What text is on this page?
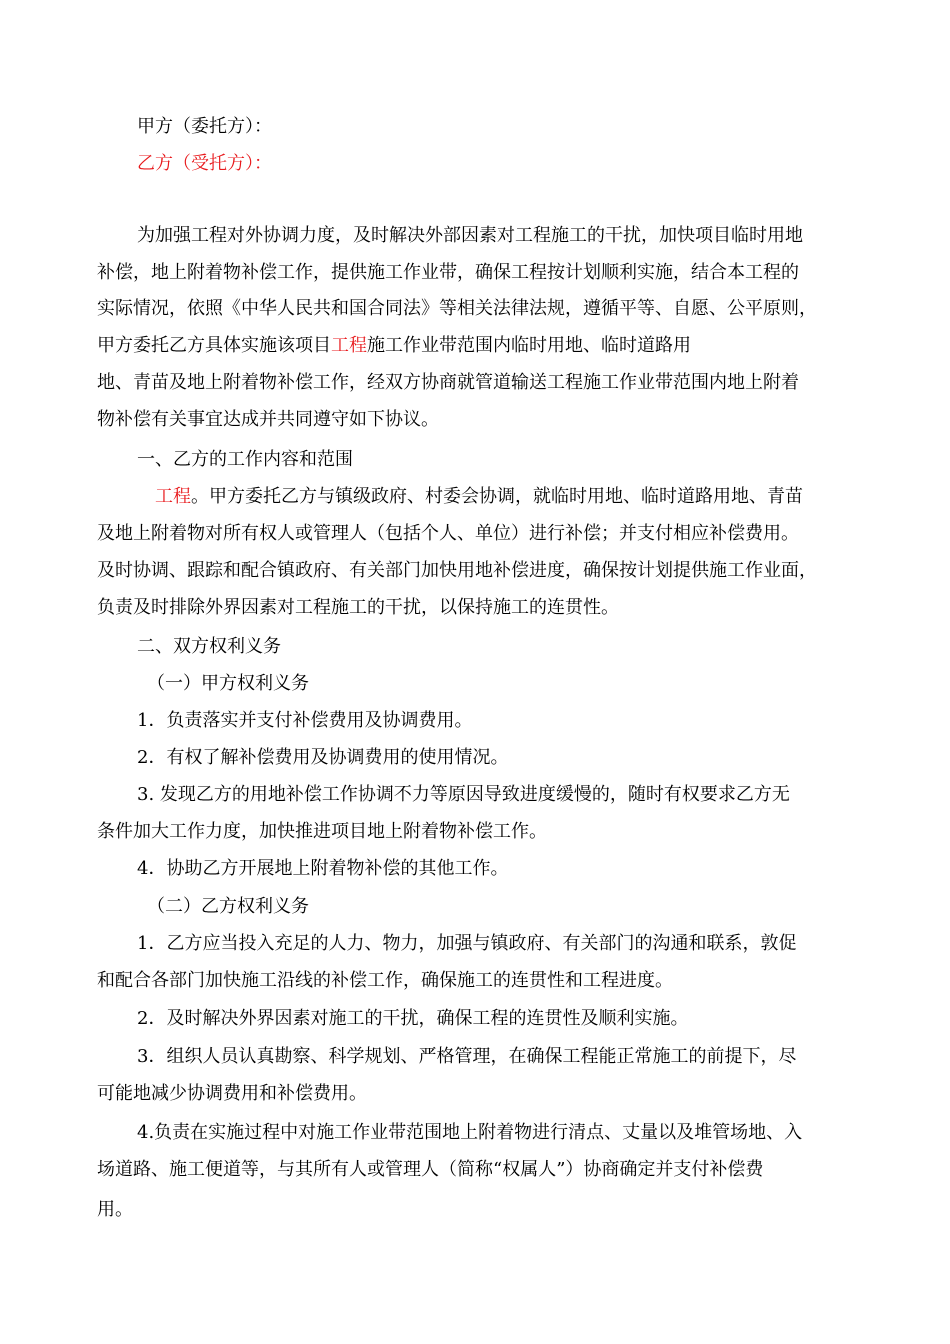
甲方（委托方）：
乙方（受托方）：
为加强工程对外协调力度，及时解决外部因素对工程施工的干扰，加快项目临时用地
补偿，地上附着物补偿工作，提供施工作业带，确保工程按计划顺利实施，结合本工程的
实际情况，依照《中华人民共和国合同法》等相关法律法规，遵循平等、自愿、公平原则，
甲方委托乙方具体实施该项目工程施工作业带范围内临时用地、临时道路用
地、青苗及地上附着物补偿工作，经双方协商就管道输送工程施工作业带范围内地上附着
物补偿有关事宜达成并共同遵守如下协议。
一、乙方的工作内容和范围
工程。甲方委托乙方与镇级政府、村委会协调，就临时用地、临时道路用地、青苗
及地上附着物对所有权人或管理人（包括个人、单位）进行补偿；并支付相应补偿费用。
及时协调、跟踪和配合镇政府、有关部门加快用地补偿进度，确保按计划提供施工作业面，
负责及时排除外界因素对工程施工的干扰，以保持施工的连贯性。
二、双方权利义务
（一）甲方权利义务
1．负责落实并支付补偿费用及协调费用。
2．有权了解补偿费用及协调费用的使用情况。
3. 发现乙方的用地补偿工作协调不力等原因导致进度缓慢的，随时有权要求乙方无
条件加大工作力度，加快推进项目地上附着物补偿工作。
4．协助乙方开展地上附着物补偿的其他工作。
（二）乙方权利义务
1．乙方应当投入充足的人力、物力，加强与镇政府、有关部门的沟通和联系，敦促
和配合各部门加快施工沿线的补偿工作，确保施工的连贯性和工程进度。
2．及时解决外界因素对施工的干扰，确保工程的连贯性及顺利实施。
3．组织人员认真勘察、科学规划、严格管理，在确保工程能正常施工的前提下，尽
可能地减少协调费用和补偿费用。
4.负责在实施过程中对施工作业带范围地上附着物进行清点、丈量以及堆管场地、入
场道路、施工便道等，与其所有人或管理人（简称“权属人”）协商确定并支付补偿费
用。
